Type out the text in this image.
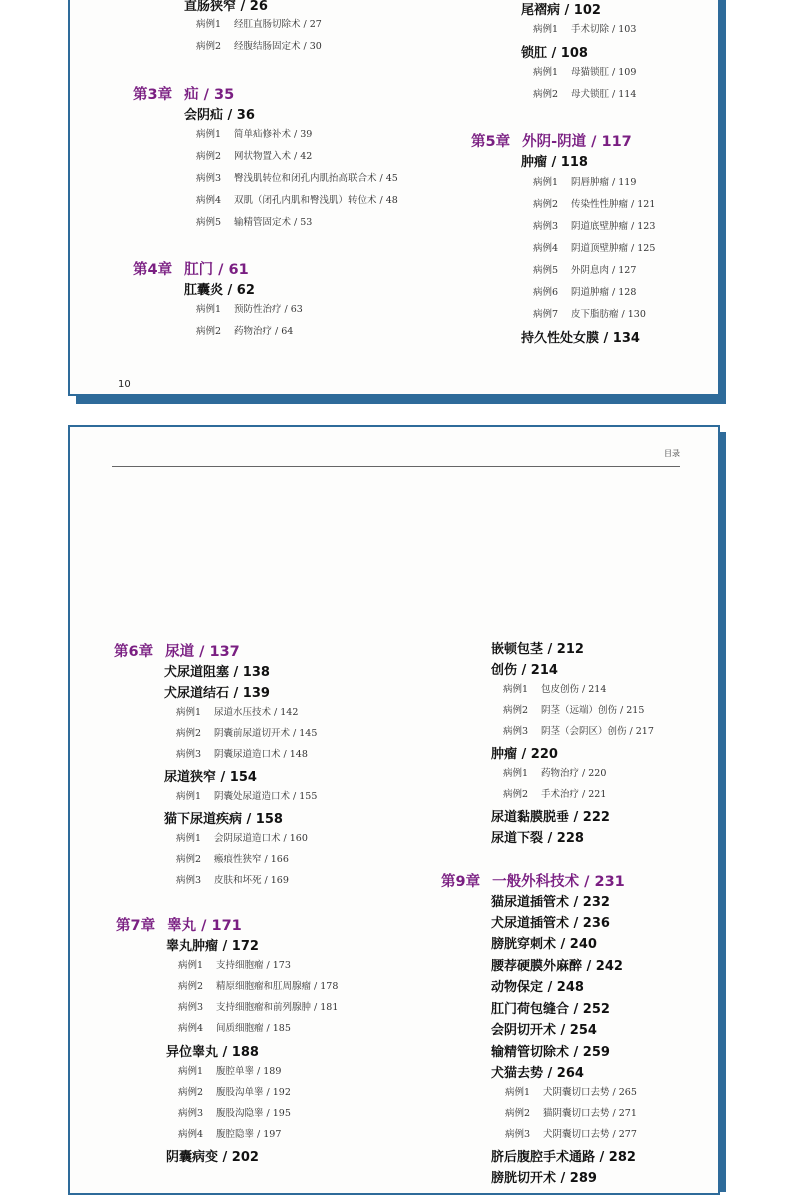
10
目录
直肠狭窄 / 26
病例1 经肛直肠切除术 / 27
病例2 经腹结肠固定术 / 30
第3章 疝 / 35
会阴疝 / 36
病例1 简单疝修补术 / 39
病例2 网状物置入术 / 42
病例3 臀浅肌转位和闭孔内肌抬高联合术 / 45
病例4 双肌（闭孔内肌和臀浅肌）转位术 / 48
病例5 输精管固定术 / 53
第4章 肛门 / 61
肛囊炎 / 62
病例1 预防性治疗 / 63
病例2 药物治疗 / 64
尾褶病 / 102
病例1 手术切除 / 103
锁肛 / 108
病例1 母猫锁肛 / 109
病例2 母犬锁肛 / 114
第5章 外阴-阴道 / 117
肿瘤 / 118
病例1 阴唇肿瘤 / 119
病例2 传染性性肿瘤 / 121
病例3 阴道底壁肿瘤 / 123
病例4 阴道顶壁肿瘤 / 125
病例5 外阴息肉 / 127
病例6 阴道肿瘤 / 128
病例7 皮下脂肪瘤 / 130
持久性处女膜 / 134
第6章 尿道 / 137
犬尿道阻塞 / 138
犬尿道结石 / 139
病例1 尿道水压技术 / 142
病例2 阴囊前尿道切开术 / 145
病例3 阴囊尿道造口术 / 148
尿道狭窄 / 154
病例1 阴囊处尿道造口术 / 155
猫下尿道疾病 / 158
病例1 会阴尿道造口术 / 160
病例2 瘢痕性狭窄 / 166
病例3 皮肤和坏死 / 169
第7章 睾丸 / 171
睾丸肿瘤 / 172
病例1 支持细胞瘤 / 173
病例2 精原细胞瘤和肛周腺瘤 / 178
病例3 支持细胞瘤和前列腺肿 / 181
病例4 间质细胞瘤 / 185
异位睾丸 / 188
病例1 腹腔单睾 / 189
病例2 腹股沟单睾 / 192
病例3 腹股沟隐睾 / 195
病例4 腹腔隐睾 / 197
阴囊病变 / 202
嵌顿包茎 / 212
创伤 / 214
病例1 包皮创伤 / 214
病例2 阴茎（远端）创伤 / 215
病例3 阴茎（会阴区）创伤 / 217
肿瘤 / 220
病例1 药物治疗 / 220
病例2 手术治疗 / 221
尿道黏膜脱垂 / 222
尿道下裂 / 228
第9章 一般外科技术 / 231
猫尿道插管术 / 232
犬尿道插管术 / 236
膀胱穿刺术 / 240
腰荐硬膜外麻醉 / 242
动物保定 / 248
肛门荷包缝合 / 252
会阴切开术 / 254
输精管切除术 / 259
犬猫去势 / 264
病例1 犬阴囊切口去势 / 265
病例2 猫阴囊切口去势 / 271
病例3 犬阴囊切口去势 / 277
脐后腹腔手术通路 / 282
膀胱切开术 / 289
